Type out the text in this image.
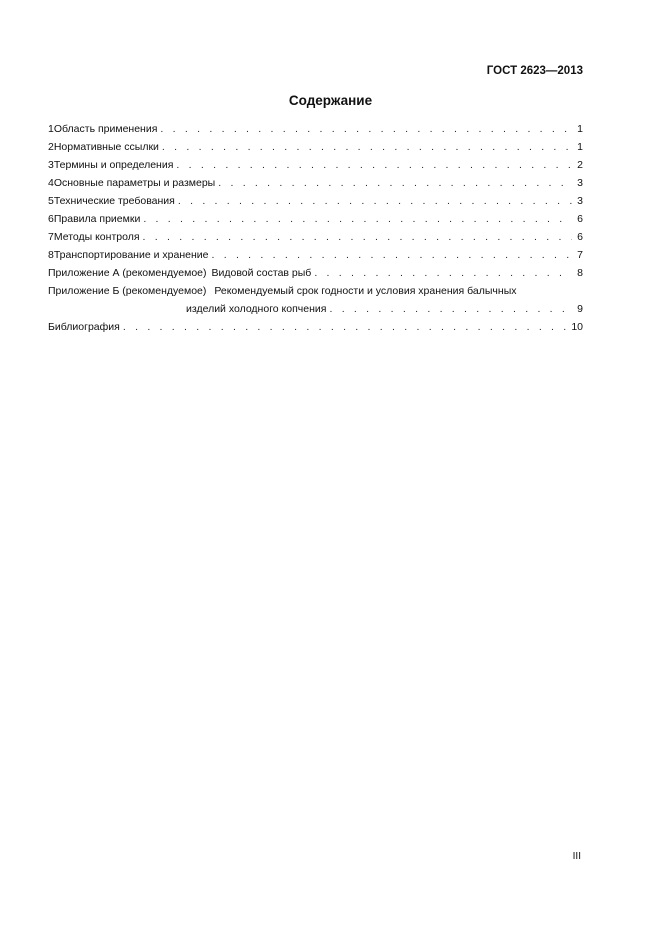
ГОСТ 2623—2013
Содержание
1 Область применения . . .	1
2 Нормативные ссылки . . .	1
3 Термины и определения . . .	2
4 Основные параметры и размеры . . .	3
5 Технические требования . . .	3
6 Правила приемки . . .	6
7 Методы контроля . . .	6
8 Транспортирование и хранение . . .	7
Приложение А (рекомендуемое) Видовой состав рыб . . .	8
Приложение Б (рекомендуемое) Рекомендуемый срок годности и условия хранения балычных
изделий холодного копчения . . .	9
Библиография . . .	10
III
